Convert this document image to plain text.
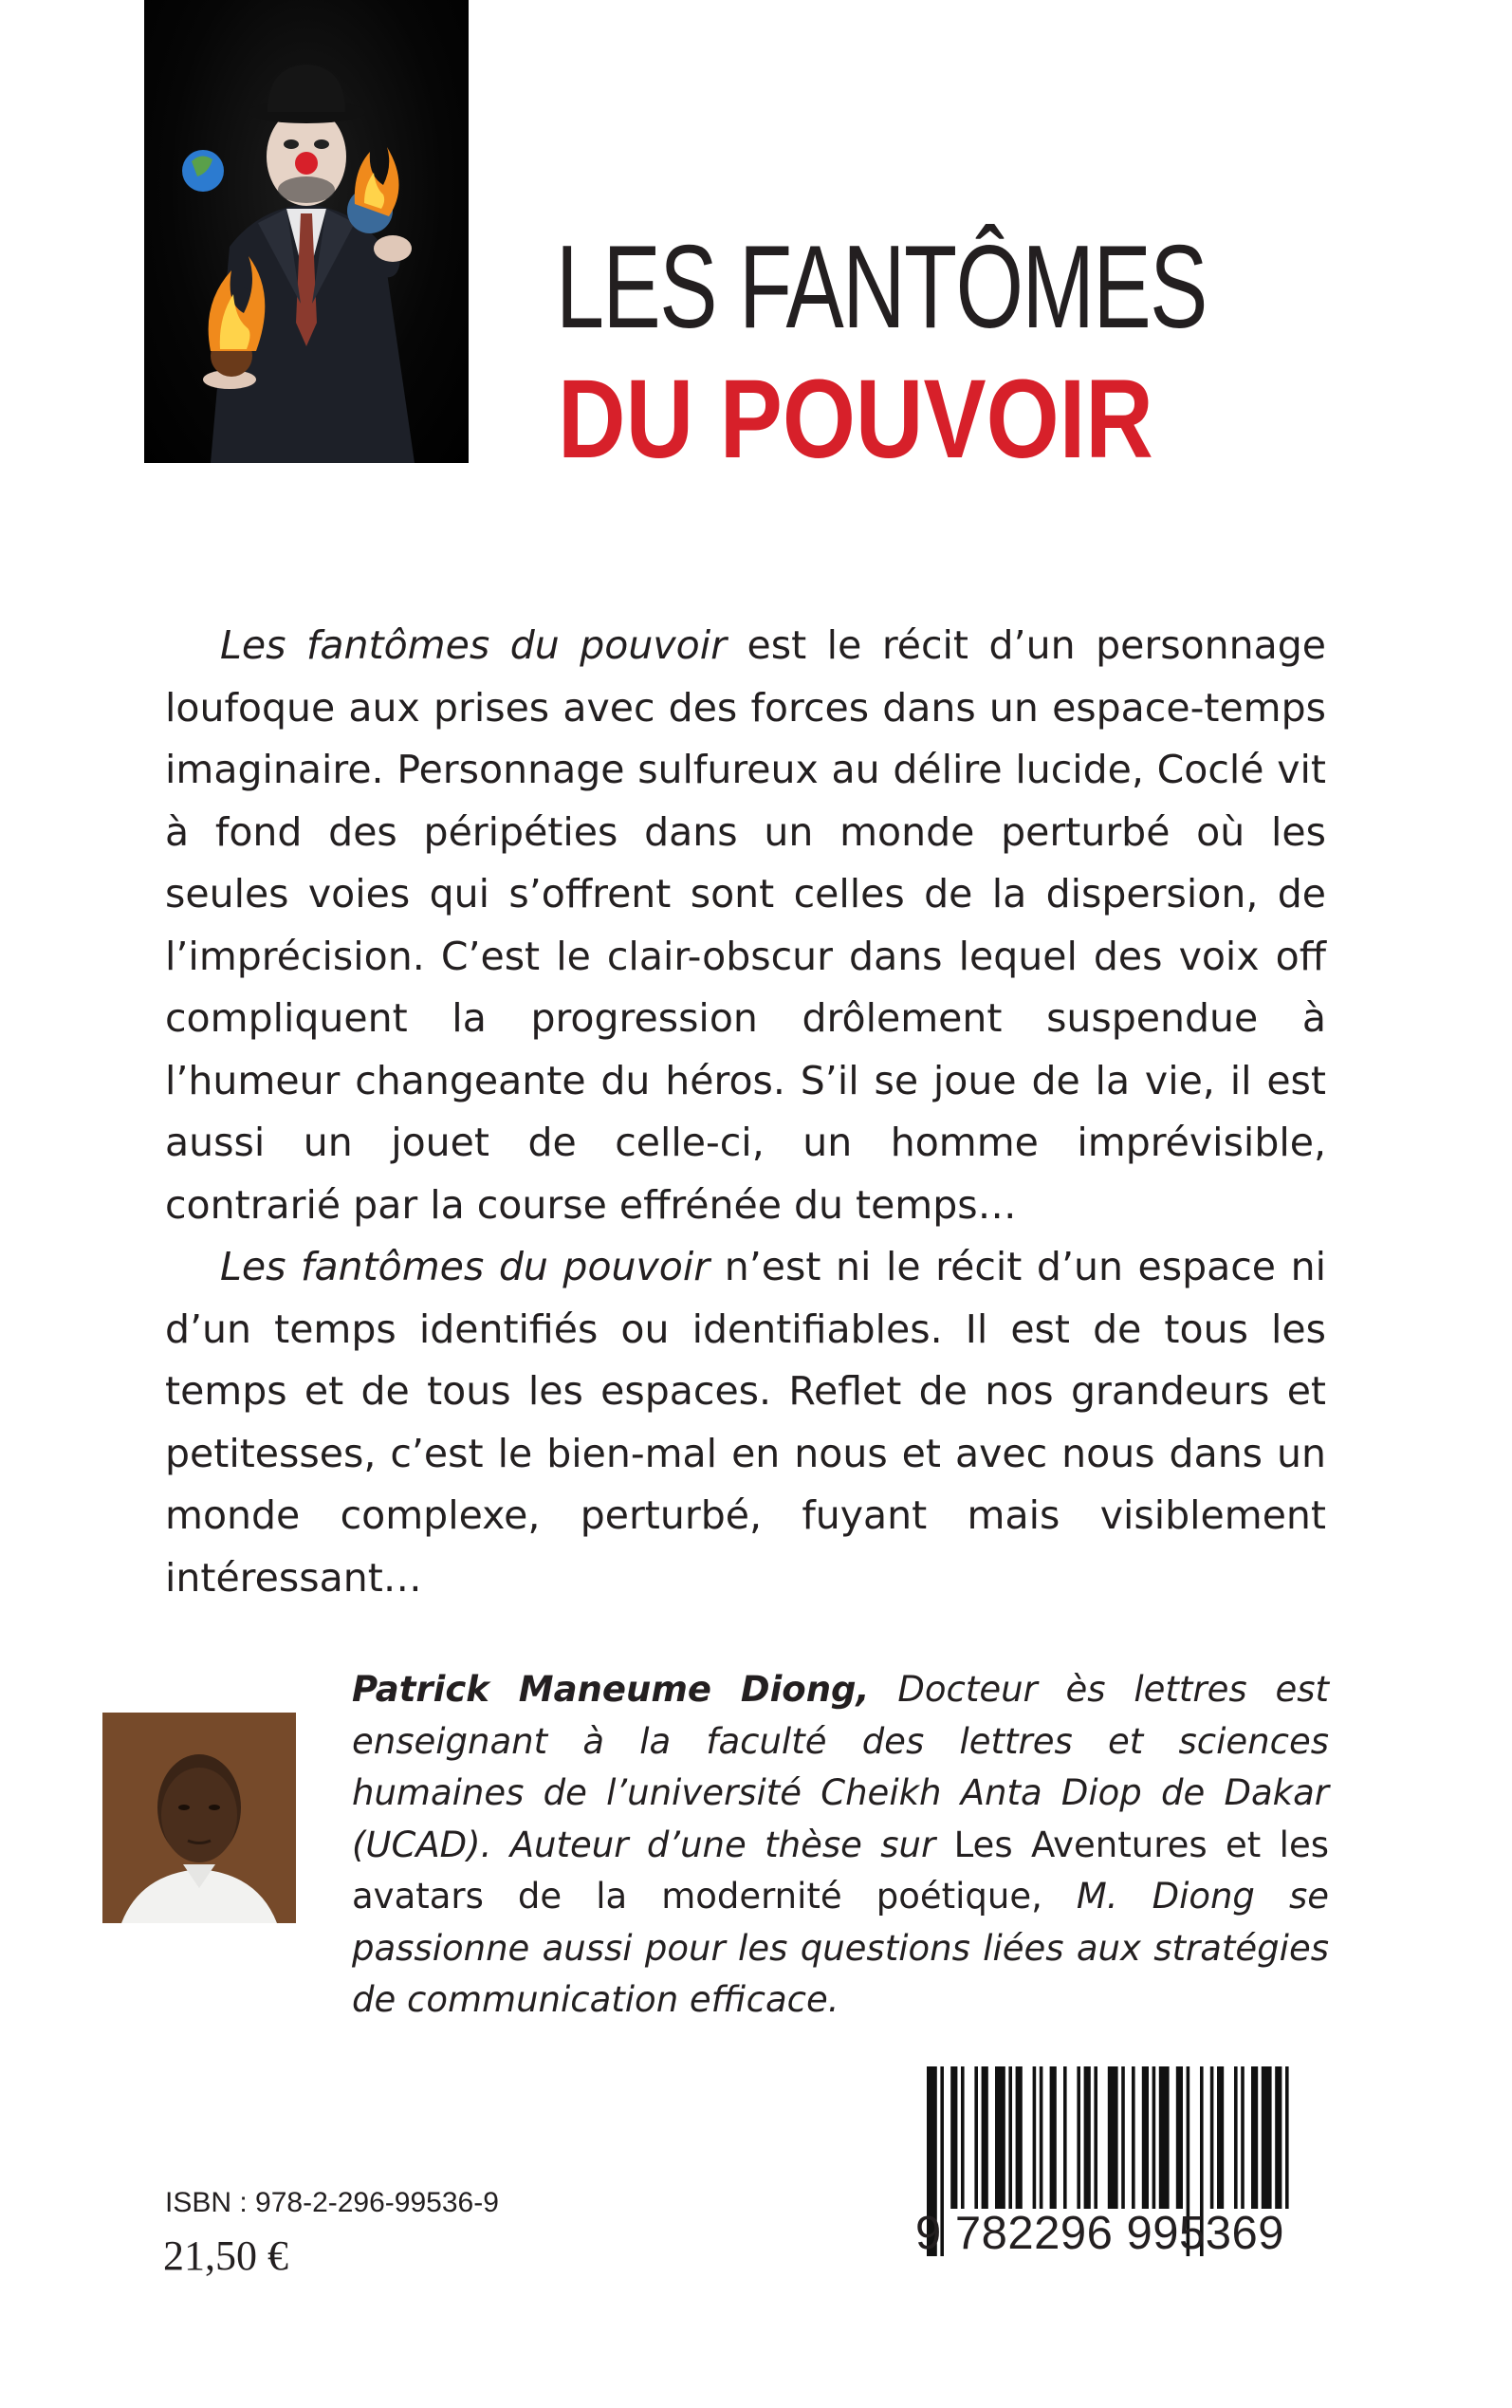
LES FANTÔMES
DU POUVOIR

Les fantômes du pouvoir est le récit d’un personnage loufoque aux prises avec des forces dans un espace-temps imaginaire. Personnage sulfureux au délire lucide, Coclé vit à fond des péripéties dans un monde perturbé où les seules voies qui s’offrent sont celles de la dispersion, de l’imprécision. C’est le clair-obscur dans lequel des voix off compliquent la progression drôlement suspendue à l’humeur changeante du héros. S’il se joue de la vie, il est aussi un jouet de celle-ci, un homme imprévisible, contrarié par la course effrénée du temps…

Les fantômes du pouvoir n’est ni le récit d’un espace ni d’un temps identifiés ou identifiables. Il est de tous les temps et de tous les espaces. Reflet de nos grandeurs et petitesses, c’est le bien-mal en nous et avec nous dans un monde complexe, perturbé, fuyant mais visiblement intéressant…

Patrick Maneume Diong, Docteur ès lettres est enseignant à la faculté des lettres et sciences humaines de l’université Cheikh Anta Diop de Dakar (UCAD). Auteur d’une thèse sur Les Aventures et les avatars de la modernité poétique, M. Diong se passionne aussi pour les questions liées aux stratégies de communication efficace.
ISBN : 978-2-296-99536-9
21,50 €	9 782296 995369
